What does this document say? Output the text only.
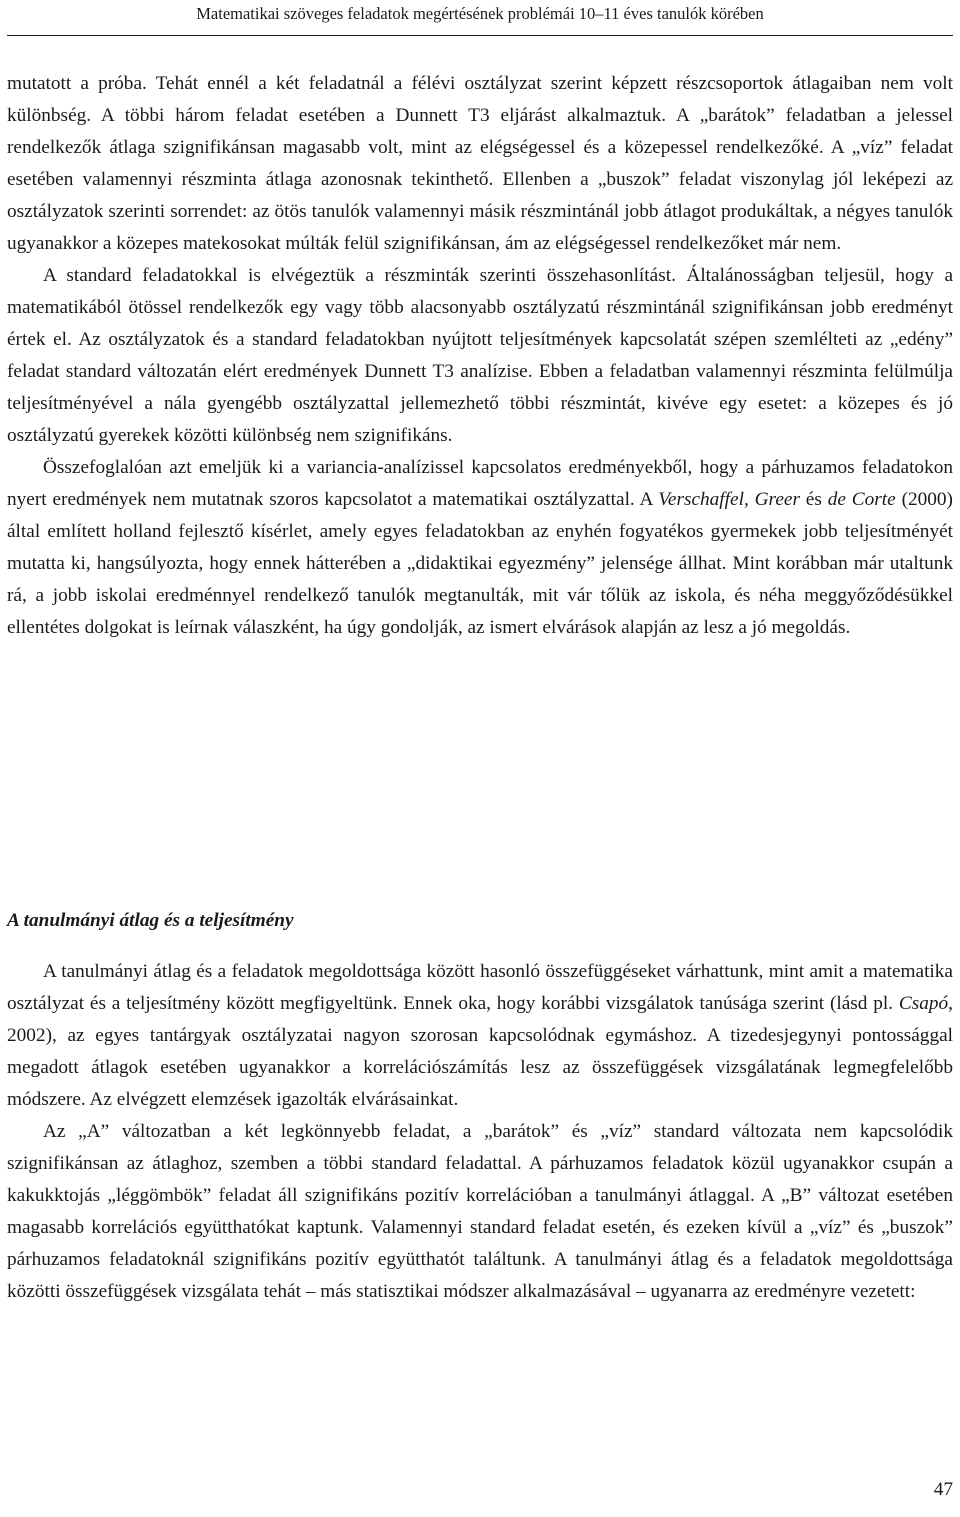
Matematikai szöveges feladatok megértésének problémái 10–11 éves tanulók körében

mutatott a próba. Tehát ennél a két feladatnál a félévi osztályzat szerint képzett részcsoportok átlagaiban nem volt különbség. A többi három feladat esetében a Dunnett T3 eljárást alkalmaztuk. A „barátok” feladatban a jelessel rendelkezők átlaga szignifikánsan magasabb volt, mint az elégségessel és a közepessel rendelkezőké. A „víz” feladat esetében valamennyi részminta átlaga azonosnak tekinthető. Ellenben a „buszok” feladat viszonylag jól leképezi az osztályzatok szerinti sorrendet: az ötös tanulók valamennyi másik részmintánál jobb átlagot produkáltak, a négyes tanulók ugyanakkor a közepes matekosokat múlták felül szignifikánsan, ám az elégségessel rendelkezőket már nem.

A standard feladatokkal is elvégeztük a részminták szerinti összehasonlítást. Általánosságban teljesül, hogy a matematikából ötössel rendelkezők egy vagy több alacsonyabb osztályzatú részmintánál szignifikánsan jobb eredményt értek el. Az osztályzatok és a standard feladatokban nyújtott teljesítmények kapcsolatát szépen szemlélteti az „edény” feladat standard változatán elért eredmények Dunnett T3 analízise. Ebben a feladatban valamennyi részminta felülmúlja teljesítményével a nála gyengébb osztályzattal jellemezhető többi részmintát, kivéve egy esetet: a közepes és jó osztályzatú gyerekek közötti különbség nem szignifikáns.

Összefoglalóan azt emeljük ki a variancia-analízissel kapcsolatos eredményekből, hogy a párhuzamos feladatokon nyert eredmények nem mutatnak szoros kapcsolatot a matematikai osztályzattal. A Verschaffel, Greer és de Corte (2000) által említett holland fejlesztő kísérlet, amely egyes feladatokban az enyhén fogyatékos gyermekek jobb teljesítményét mutatta ki, hangsúlyozta, hogy ennek hátterében a „didaktikai egyezmény” jelensége állhat. Mint korábban már utaltunk rá, a jobb iskolai eredménnyel rendelkező tanulók megtanulták, mit vár tőlük az iskola, és néha meggyőződésükkel ellentétes dolgokat is leírnak válaszként, ha úgy gondolják, az ismert elvárások alapján az lesz a jó megoldás.

A tanulmányi átlag és a teljesítmény

A tanulmányi átlag és a feladatok megoldottsága között hasonló összefüggéseket várhattunk, mint amit a matematika osztályzat és a teljesítmény között megfigyeltünk. Ennek oka, hogy korábbi vizsgálatok tanúsága szerint (lásd pl. Csapó, 2002), az egyes tantárgyak osztályzatai nagyon szorosan kapcsolódnak egymáshoz. A tizedesjegynyi pontossággal megadott átlagok esetében ugyanakkor a korrelációszámítás lesz az összefüggések vizsgálatának legmegfelelőbb módszere. Az elvégzett elemzések igazolták elvárásainkat.

Az „A” változatban a két legkönnyebb feladat, a „barátok” és „víz” standard változata nem kapcsolódik szignifikánsan az átlaghoz, szemben a többi standard feladattal. A párhuzamos feladatok közül ugyanakkor csupán a kakukktojás „léggömbök” feladat áll szignifikáns pozitív korrelációban a tanulmányi átlaggal. A „B” változat esetében magasabb korrelációs együtthatókat kaptunk. Valamennyi standard feladat esetén, és ezeken kívül a „víz” és „buszok” párhuzamos feladatoknál szignifikáns pozitív együtthatót találtunk. A tanulmányi átlag és a feladatok megoldottsága közötti összefüggések vizsgálata tehát – más statisztikai módszer alkalmazásával – ugyanarra az eredményre vezetett:

47
